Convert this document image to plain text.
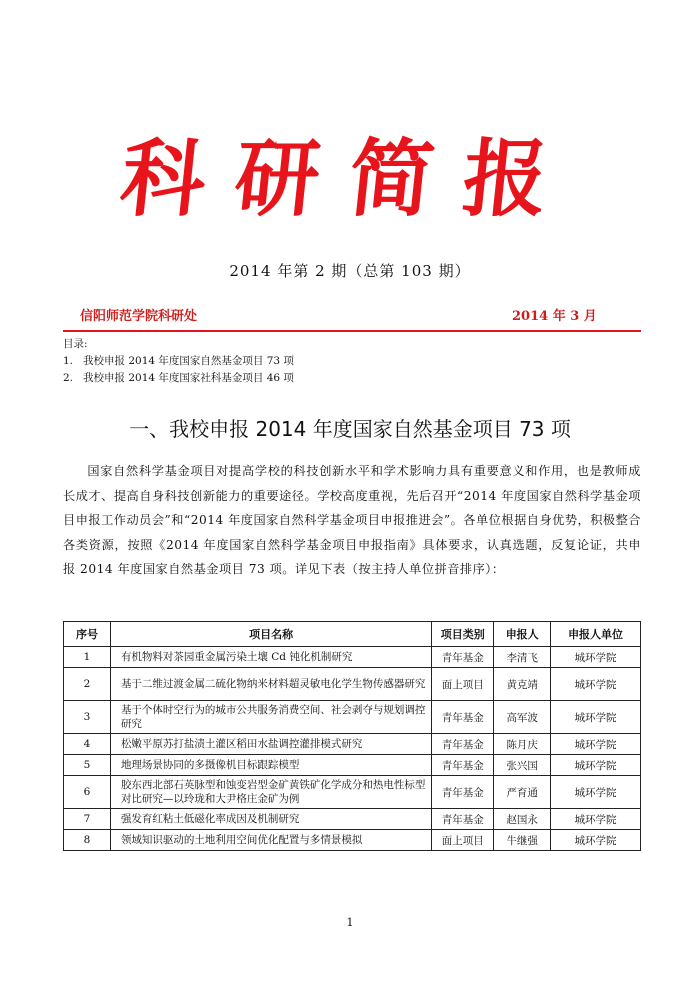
科研简报
2014 年第 2 期（总第 103 期）
信阳师范学院科研处	2014 年 3 月
目录:
1. 我校申报 2014 年度国家自然基金项目 73 项
2. 我校申报 2014 年度国家社科基金项目 46 项
一、我校申报 2014 年度国家自然基金项目 73 项
国家自然科学基金项目对提高学校的科技创新水平和学术影响力具有重要意义和作用，也是教师成长成才、提高自身科技创新能力的重要途径。学校高度重视，先后召开“2014 年度国家自然科学基金项目申报工作动员会”和“2014 年度国家自然科学基金项目申报推进会”。各单位根据自身优势，积极整合各类资源，按照《2014 年度国家自然科学基金项目申报指南》具体要求，认真选题，反复论证，共申报 2014 年度国家自然基金项目 73 项。详见下表（按主持人单位拼音排序）：
序号	项目名称	项目类别	申报人	申报人单位
1	有机物料对茶园重金属污染土壤 Cd 钝化机制研究	青年基金	李清飞	城环学院
2	基于二维过渡金属二硫化物纳米材料超灵敏电化学生物传感器研究	面上项目	黄克靖	城环学院
3	基于个体时空行为的城市公共服务消费空间、社会剥夺与规划调控研究	青年基金	高军波	城环学院
4	松嫩平原苏打盐渍土灌区稻田水盐调控灌排模式研究	青年基金	陈月庆	城环学院
5	地理场景协同的多摄像机目标跟踪模型	青年基金	张兴国	城环学院
6	胶东西北部石英脉型和蚀变岩型金矿黄铁矿化学成分和热电性标型对比研究—以玲珑和大尹格庄金矿为例	青年基金	严育通	城环学院
7	强发育红粘土低磁化率成因及机制研究	青年基金	赵国永	城环学院
8	领域知识驱动的土地利用空间优化配置与多情景模拟	面上项目	牛继强	城环学院
1
